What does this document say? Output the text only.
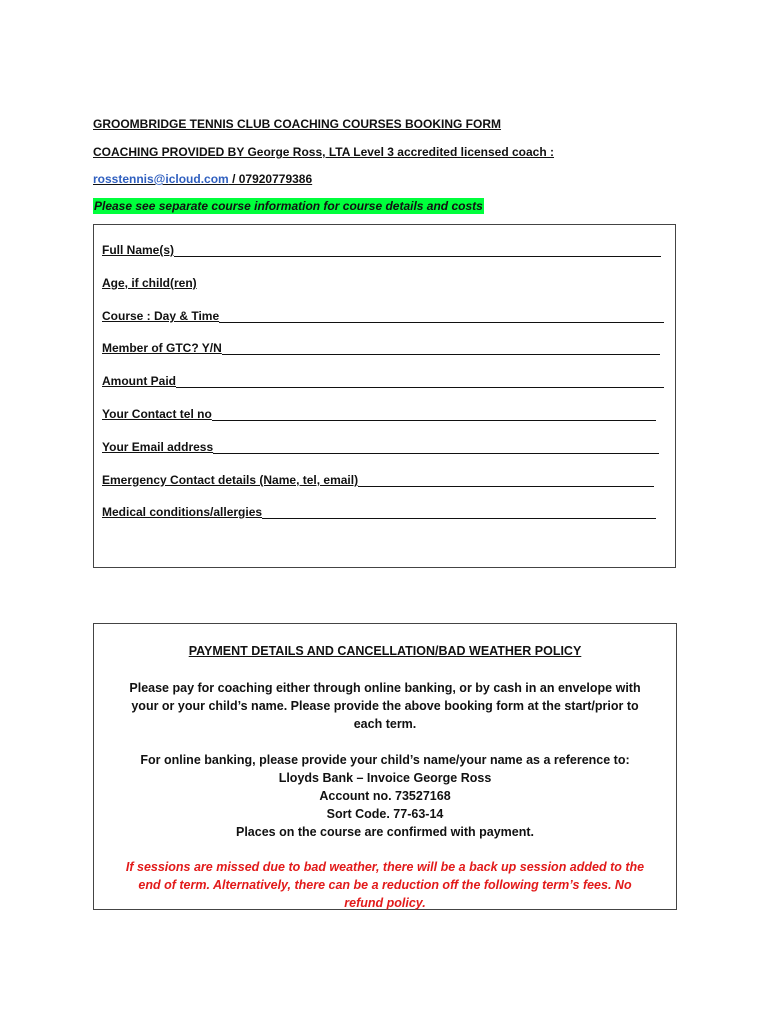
GROOMBRIDGE TENNIS CLUB COACHING COURSES BOOKING FORM
COACHING PROVIDED BY George Ross, LTA Level 3 accredited licensed coach :
rosstennis@icloud.com / 07920779386
Please see separate course information for course details and costs
Full Name(s)
Age, if child(ren)
Course : Day & Time
Member of GTC? Y/N
Amount Paid
Your Contact tel no
Your Email address
Emergency Contact details (Name, tel, email)
Medical conditions/allergies
PAYMENT DETAILS AND CANCELLATION/BAD WEATHER POLICY

Please pay for coaching either through online banking, or by cash in an envelope with

your or your child’s name. Please provide the above booking form at the start/prior to

each term.

For online banking, please provide your child’s name/your name as a reference to:

Lloyds Bank – Invoice George Ross

Account no. 73527168

Sort Code. 77-63-14

Places on the course are confirmed with payment.

If sessions are missed due to bad weather, there will be a back up session added to the

end of term. Alternatively, there can be a reduction off the following term’s fees. No

refund policy.
